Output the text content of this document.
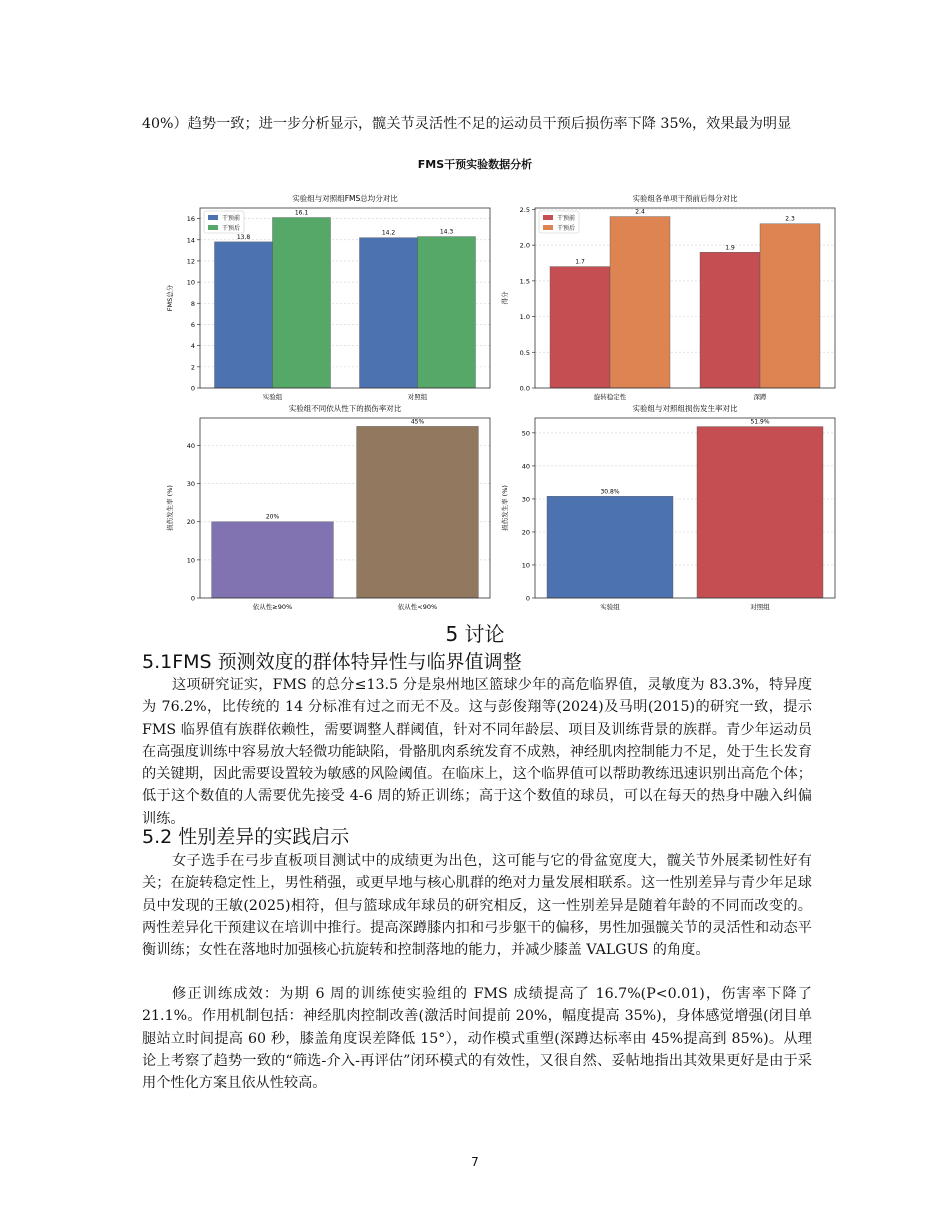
40%）趋势一致；进一步分析显示，髋关节灵活性不足的运动员干预后损伤率下降 35%，效果最为明显

FMS干预实验数据分析
实验组与对照组FMS总均分对比
0
2
4
6
8
10
12
14
16
FMS总分
13.8
16.1
实验组
14.2	14.3
对照组
干预前
干预后
实验组各单项干预前后得分对比
0.0
0.5
1.0
1.5
2.0
2.5
得分
1.7
2.4
旋转稳定性
1.9
2.3
深蹲
干预前
干预后
实验组不同依从性下的损伤率对比
0
10
20
30
40
损伤发生率 (%)	20%
依从性≥90%
45%
依从性<90%
实验组与对照组损伤发生率对比
0
10
20
30
40
50
损伤发生率 (%)	30.8%
实验组
51.9%
对照组
5 讨论
5.1FMS 预测效度的群体特异性与临界值调整

这项研究证实，FMS 的总分≤13.5 分是泉州地区篮球少年的高危临界值，灵敏度为 83.3%，特异度为 76.2%，比传统的 14 分标准有过之而无不及。这与彭俊翔等(2024)及马明(2015)的研究一致，提示 FMS 临界值有族群依赖性，需要调整人群阈值，针对不同年龄层、项目及训练背景的族群。青少年运动员在高强度训练中容易放大轻微功能缺陷，骨骼肌肉系统发育不成熟，神经肌肉控制能力不足，处于生长发育的关键期，因此需要设置较为敏感的风险阈值。在临床上，这个临界值可以帮助教练迅速识别出高危个体；低于这个数值的人需要优先接受 4-6 周的矫正训练；高于这个数值的球员，可以在每天的热身中融入纠偏训练。

5.2 性别差异的实践启示

女子选手在弓步直板项目测试中的成绩更为出色，这可能与它的骨盆宽度大，髋关节外展柔韧性好有关；在旋转稳定性上，男性稍强，或更早地与核心肌群的绝对力量发展相联系。这一性别差异与青少年足球员中发现的王敏(2025)相符，但与篮球成年球员的研究相反，这一性别差异是随着年龄的不同而改变的。两性差异化干预建议在培训中推行。提高深蹲膝内扣和弓步躯干的偏移，男性加强髋关节的灵活性和动态平衡训练；女性在落地时加强核心抗旋转和控制落地的能力，并减少膝盖 VALGUS 的角度。

修正训练成效：为期 6 周的训练使实验组的 FMS 成绩提高了 16.7%(P<0.01)，伤害率下降了 21.1%。作用机制包括：神经肌肉控制改善(激活时间提前 20%，幅度提高 35%)，身体感觉增强(闭目单腿站立时间提高 60 秒，膝盖角度误差降低 15°），动作模式重塑(深蹲达标率由 45%提高到 85%)。从理论上考察了趋势一致的“筛选-介入-再评估”闭环模式的有效性，又很自然、妥帖地指出其效果更好是由于采用个性化方案且依从性较高。

7
